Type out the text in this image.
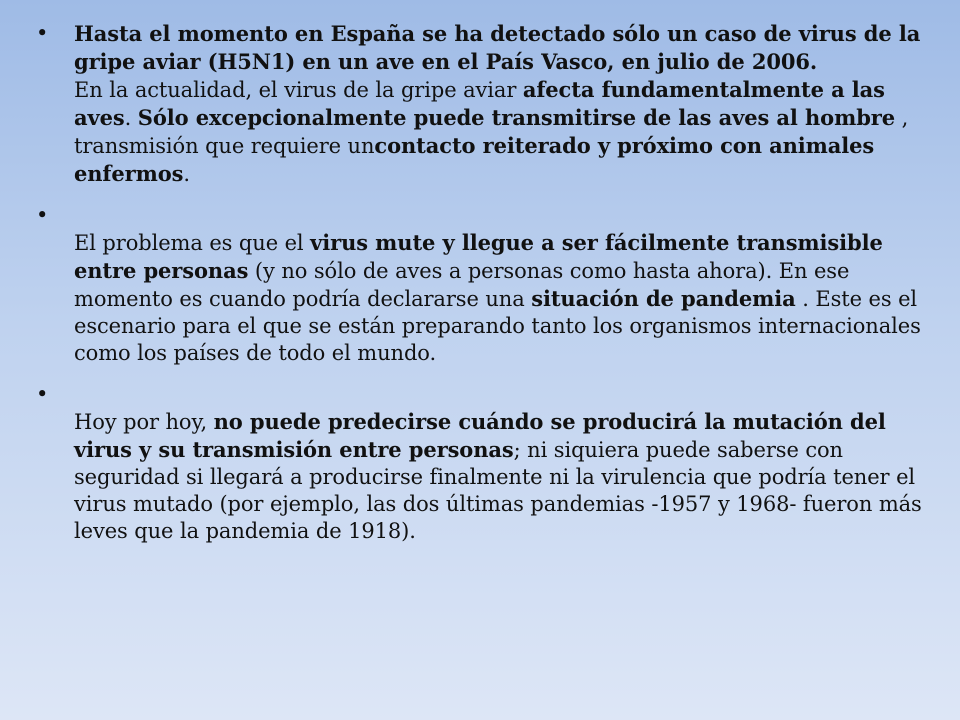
• Hasta el momento en España se ha detectado sólo un caso de virus de la gripe aviar (H5N1) en un ave en el País Vasco, en julio de 2006.
En la actualidad, el virus de la gripe aviar afecta fundamentalmente a las aves. Sólo excepcionalmente puede transmitirse de las aves al hombre , transmisión que requiere uncontacto reiterado y próximo con animales enfermos.
•

El problema es que el virus mute y llegue a ser fácilmente transmisible entre personas (y no sólo de aves a personas como hasta ahora). En ese momento es cuando podría declararse una situación de pandemia . Este es el escenario para el que se están preparando tanto los organismos internacionales como los países de todo el mundo.
•

Hoy por hoy, no puede predecirse cuándo se producirá la mutación del virus y su transmisión entre personas; ni siquiera puede saberse con seguridad si llegará a producirse finalmente ni la virulencia que podría tener el virus mutado (por ejemplo, las dos últimas pandemias -1957 y 1968- fueron más leves que la pandemia de 1918).
